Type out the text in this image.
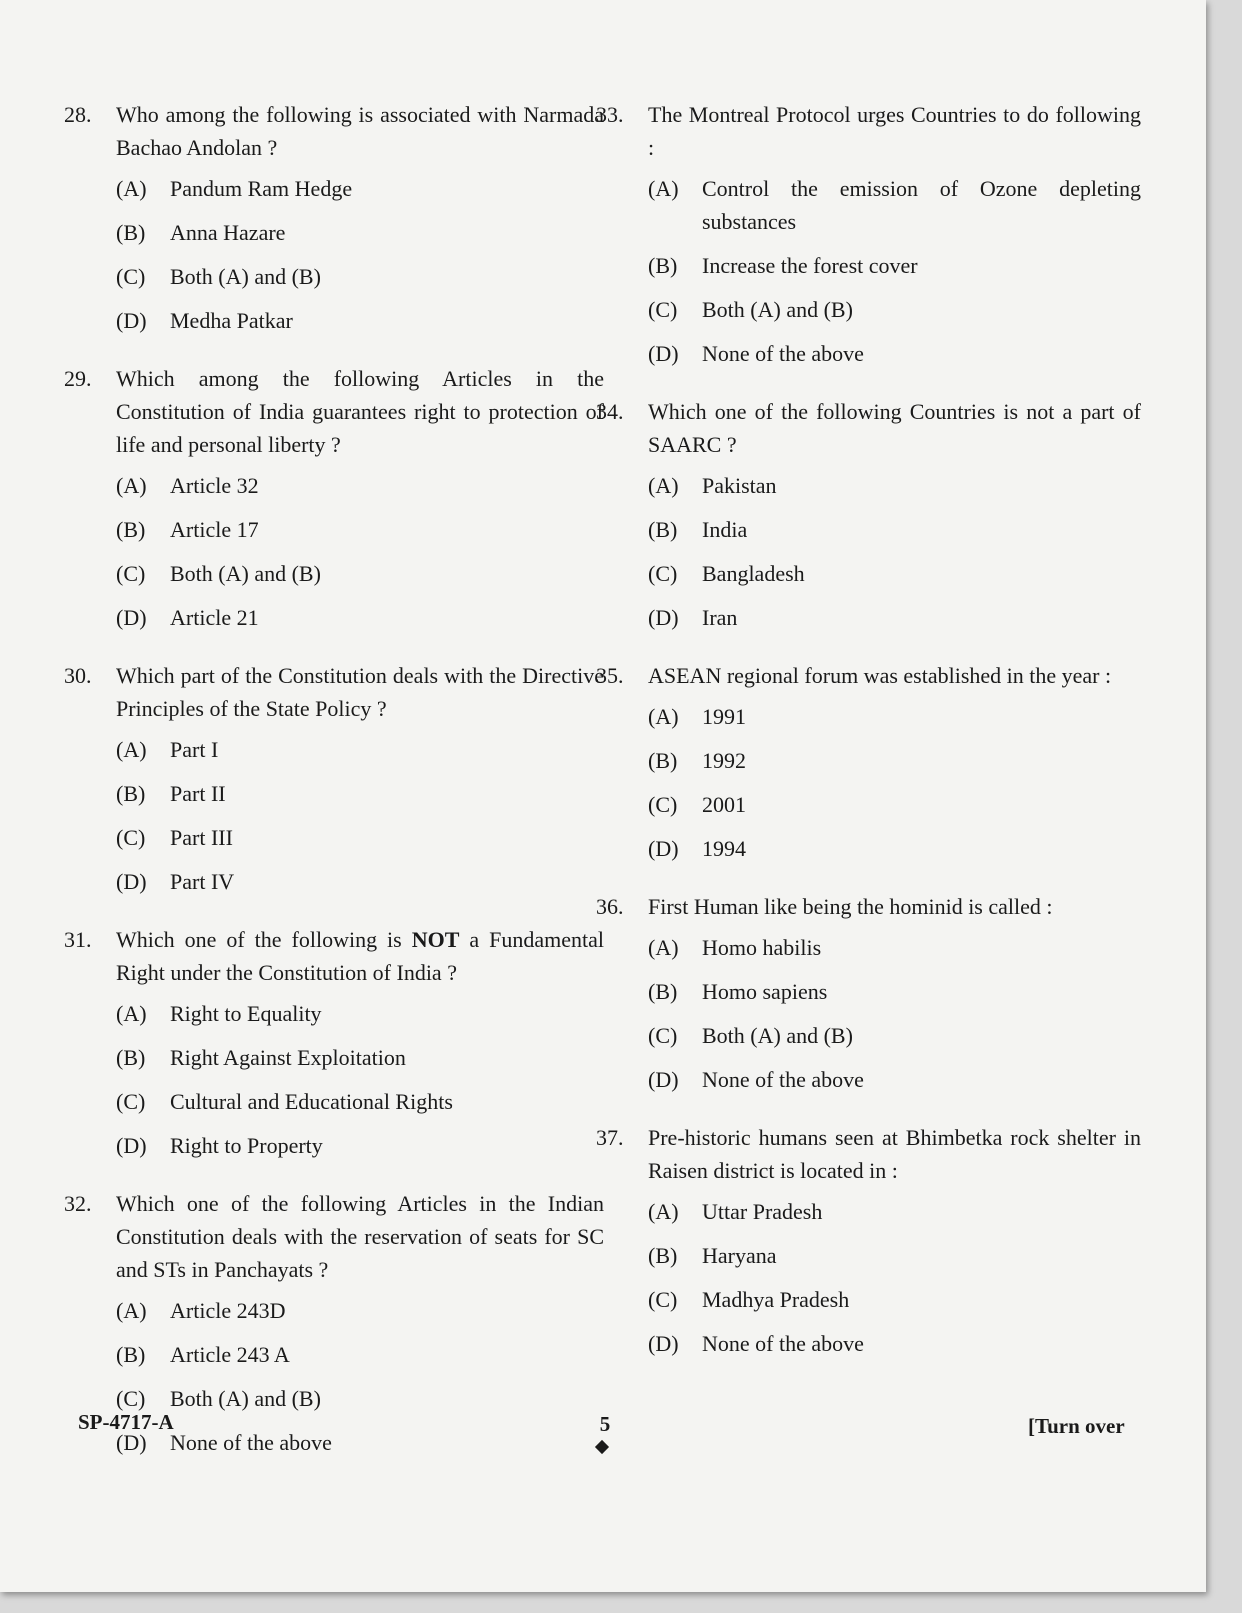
28. Who among the following is associated with Narmada Bachao Andolan ?
(A) Pandum Ram Hedge
(B) Anna Hazare
(C) Both (A) and (B)
(D) Medha Patkar
29. Which among the following Articles in the Constitution of India guarantees right to protection of life and personal liberty ?
(A) Article 32
(B) Article 17
(C) Both (A) and (B)
(D) Article 21
30. Which part of the Constitution deals with the Directive Principles of the State Policy ?
(A) Part I
(B) Part II
(C) Part III
(D) Part IV
31. Which one of the following is NOT a Fundamental Right under the Constitution of India ?
(A) Right to Equality
(B) Right Against Exploitation
(C) Cultural and Educational Rights
(D) Right to Property
32. Which one of the following Articles in the Indian Constitution deals with the reservation of seats for SC and STs in Panchayats ?
(A) Article 243D
(B) Article 243 A
(C) Both (A) and (B)
(D) None of the above
33. The Montreal Protocol urges Countries to do following :
(A)	Control the emission of Ozone depleting substances
(B) Increase the forest cover
(C) Both (A) and (B)
(D) None of the above
34. Which one of the following Countries is not a part of SAARC ?
(A) Pakistan
(B) India
(C) Bangladesh
(D) Iran
35. ASEAN regional forum was established in the year :
(A) 1991
(B) 1992
(C) 2001
(D) 1994
36. First Human like being the hominid is called :
(A) Homo habilis
(B) Homo sapiens
(C) Both (A) and (B)
(D) None of the above
37. Pre-historic humans seen at Bhimbetka rock shelter in Raisen district is located in :
(A) Uttar Pradesh
(B) Haryana
(C) Madhya Pradesh
(D) None of the above
SP-4717-A	5	[Turn over
